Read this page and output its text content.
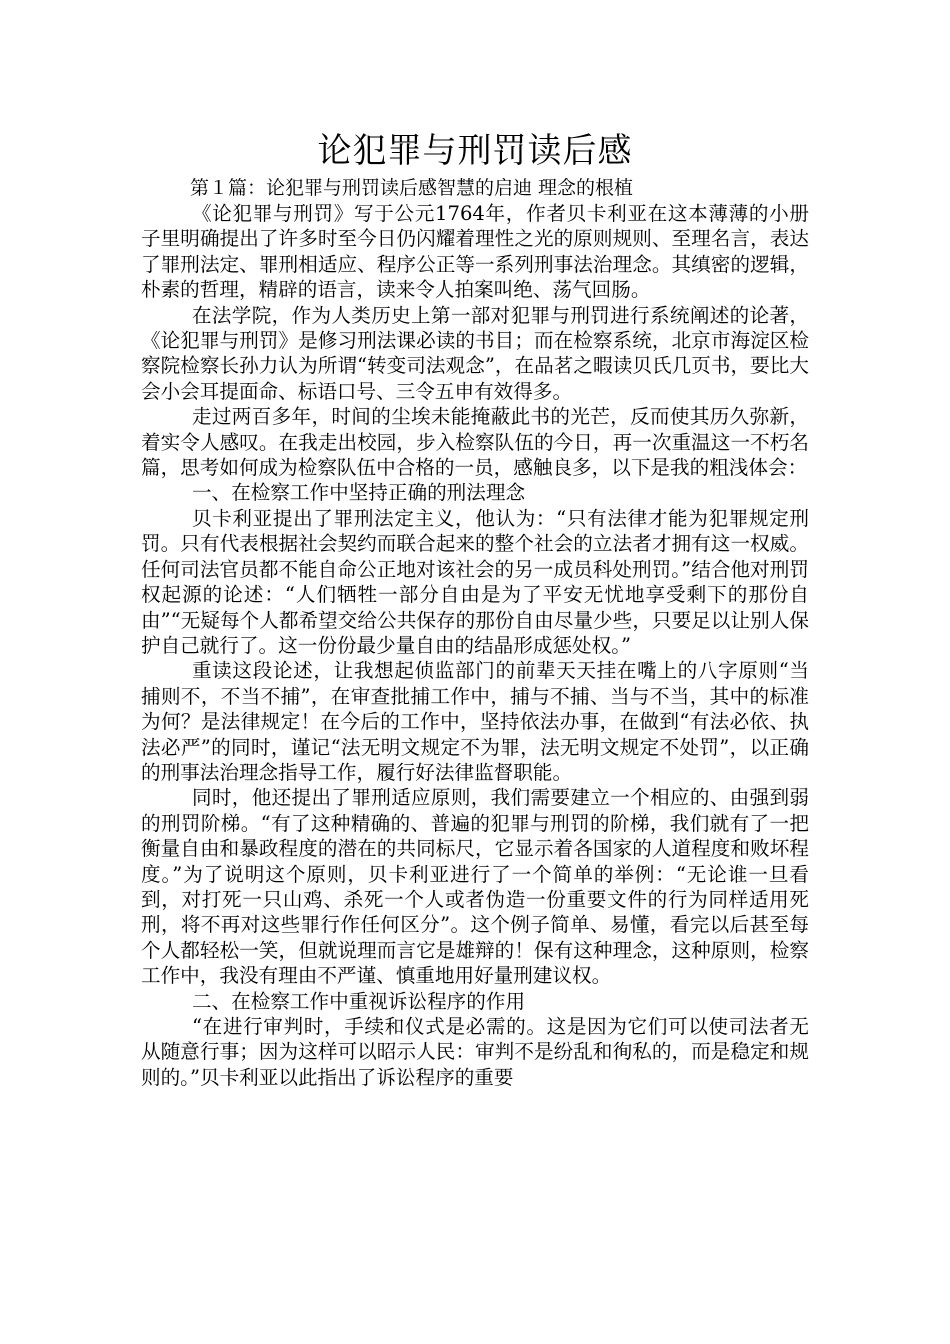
论犯罪与刑罚读后感

第１篇：论犯罪与刑罚读后感智慧的启迪 理念的根植

《论犯罪与刑罚》写于公元1764年，作者贝卡利亚在这本薄薄的小册子里明确提出了许多时至今日仍闪耀着理性之光的原则规则、至理名言，表达了罪刑法定、罪刑相适应、程序公正等一系列刑事法治理念。其缜密的逻辑，朴素的哲理，精辟的语言，读来令人拍案叫绝、荡气回肠。

在法学院，作为人类历史上第一部对犯罪与刑罚进行系统阐述的论著，《论犯罪与刑罚》是修习刑法课必读的书目；而在检察系统，北京市海淀区检察院检察长孙力认为所谓“转变司法观念”，在品茗之暇读贝氏几页书，要比大会小会耳提面命、标语口号、三令五申有效得多。

走过两百多年，时间的尘埃未能掩蔽此书的光芒，反而使其历久弥新，着实令人感叹。在我走出校园，步入检察队伍的今日，再一次重温这一不朽名篇，思考如何成为检察队伍中合格的一员，感触良多，以下是我的粗浅体会：

一、在检察工作中坚持正确的刑法理念

贝卡利亚提出了罪刑法定主义，他认为：“只有法律才能为犯罪规定刑罚。只有代表根据社会契约而联合起来的整个社会的立法者才拥有这一权威。任何司法官员都不能自命公正地对该社会的另一成员科处刑罚。”结合他对刑罚权起源的论述：“人们牺牲一部分自由是为了平安无忧地享受剩下的那份自由”“无疑每个人都希望交给公共保存的那份自由尽量少些，只要足以让别人保护自己就行了。这一份份最少量自由的结晶形成惩处权。”

重读这段论述，让我想起侦监部门的前辈天天挂在嘴上的八字原则“当捕则不，不当不捕”，在审查批捕工作中，捕与不捕、当与不当，其中的标准为何？是法律规定！在今后的工作中，坚持依法办事，在做到“有法必依、执法必严”的同时，谨记“法无明文规定不为罪，法无明文规定不处罚”，以正确的刑事法治理念指导工作，履行好法律监督职能。

同时，他还提出了罪刑适应原则，我们需要建立一个相应的、由强到弱的刑罚阶梯。“有了这种精确的、普遍的犯罪与刑罚的阶梯，我们就有了一把衡量自由和暴政程度的潜在的共同标尺，它显示着各国家的人道程度和败坏程度。”为了说明这个原则，贝卡利亚进行了一个简单的举例：“无论谁一旦看到，对打死一只山鸡、杀死一个人或者伪造一份重要文件的行为同样适用死刑，将不再对这些罪行作任何区分”。这个例子简单、易懂，看完以后甚至每个人都轻松一笑，但就说理而言它是雄辩的！保有这种理念，这种原则，检察工作中，我没有理由不严谨、慎重地用好量刑建议权。

二、在检察工作中重视诉讼程序的作用

“在进行审判时，手续和仪式是必需的。这是因为它们可以使司法者无从随意行事；因为这样可以昭示人民：审判不是纷乱和徇私的，而是稳定和规则的。”贝卡利亚以此指出了诉讼程序的重要
